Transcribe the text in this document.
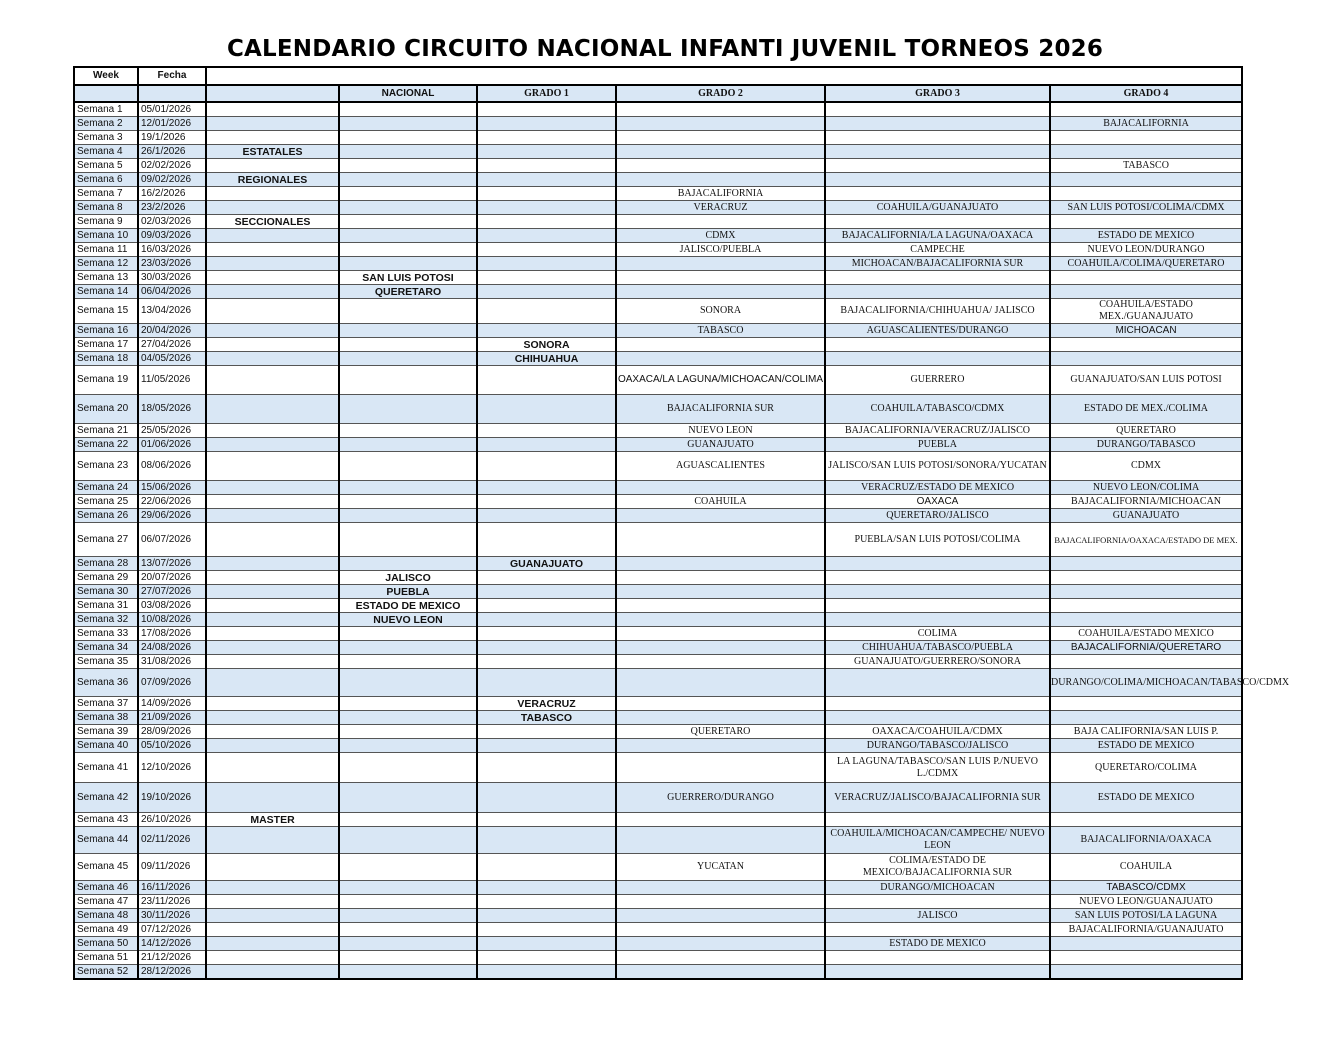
CALENDARIO CIRCUITO NACIONAL INFANTI JUVENIL TORNEOS 2026
Week	Fecha						
			NACIONAL	GRADO 1	GRADO 2	GRADO 3	GRADO 4
Semana 1	05/01/2026						
Semana 2	12/01/2026						BAJACALIFORNIA
Semana 3	19/1/2026						
Semana 4	26/1/2026	ESTATALES					
Semana 5	02/02/2026						TABASCO
Semana 6	09/02/2026	REGIONALES					
Semana 7	16/2/2026				BAJACALIFORNIA		
Semana 8	23/2/2026				VERACRUZ	COAHUILA/GUANAJUATO	SAN LUIS POTOSI/COLIMA/CDMX
Semana 9	02/03/2026	SECCIONALES					
Semana 10	09/03/2026				CDMX	BAJACALIFORNIA/LA LAGUNA/OAXACA	ESTADO DE MEXICO
Semana 11	16/03/2026				JALISCO/PUEBLA	CAMPECHE	NUEVO LEON/DURANGO
Semana 12	23/03/2026					MICHOACAN/BAJACALIFORNIA SUR	COAHUILA/COLIMA/QUERETARO
Semana 13	30/03/2026		SAN LUIS POTOSI				
Semana 14	06/04/2026		QUERETARO				
Semana 15	13/04/2026				SONORA	BAJACALIFORNIA/CHIHUAHUA/ JALISCO	COAHUILA/ESTADO MEX./GUANAJUATO
Semana 16	20/04/2026				TABASCO	AGUASCALIENTES/DURANGO	MICHOACAN
Semana 17	27/04/2026			SONORA			
Semana 18	04/05/2026			CHIHUAHUA			
Semana 19	11/05/2026				OAXACA/LA LAGUNA/MICHOACAN/COLIMA	GUERRERO	GUANAJUATO/SAN LUIS POTOSI
Semana 20	18/05/2026				BAJACALIFORNIA SUR	COAHUILA/TABASCO/CDMX	ESTADO DE MEX./COLIMA
Semana 21	25/05/2026				NUEVO LEON	BAJACALIFORNIA/VERACRUZ/JALISCO	QUERETARO
Semana 22	01/06/2026				GUANAJUATO	PUEBLA	DURANGO/TABASCO
Semana 23	08/06/2026				AGUASCALIENTES	JALISCO/SAN LUIS POTOSI/SONORA/YUCATAN	CDMX
Semana 24	15/06/2026					VERACRUZ/ESTADO DE MEXICO	NUEVO LEON/COLIMA
Semana 25	22/06/2026				COAHUILA	OAXACA	BAJACALIFORNIA/MICHOACAN
Semana 26	29/06/2026					QUERETARO/JALISCO	GUANAJUATO
Semana 27	06/07/2026					PUEBLA/SAN LUIS POTOSI/COLIMA	BAJACALIFORNIA/OAXACA/ESTADO DE MEX.
Semana 28	13/07/2026			GUANAJUATO			
Semana 29	20/07/2026		JALISCO				
Semana 30	27/07/2026		PUEBLA				
Semana 31	03/08/2026		ESTADO DE MEXICO				
Semana 32	10/08/2026		NUEVO LEON				
Semana 33	17/08/2026					COLIMA	COAHUILA/ESTADO MEXICO
Semana 34	24/08/2026					CHIHUAHUA/TABASCO/PUEBLA	BAJACALIFORNIA/QUERETARO
Semana 35	31/08/2026					GUANAJUATO/GUERRERO/SONORA	
Semana 36	07/09/2026						DURANGO/COLIMA/MICHOACAN/TABASCO/CDMX
Semana 37	14/09/2026			VERACRUZ			
Semana 38	21/09/2026			TABASCO			
Semana 39	28/09/2026				QUERETARO	OAXACA/COAHUILA/CDMX	BAJA CALIFORNIA/SAN LUIS P.
Semana 40	05/10/2026					DURANGO/TABASCO/JALISCO	ESTADO DE MEXICO
Semana 41	12/10/2026					LA LAGUNA/TABASCO/SAN LUIS P./NUEVO L./CDMX	QUERETARO/COLIMA
Semana 42	19/10/2026				GUERRERO/DURANGO	VERACRUZ/JALISCO/BAJACALIFORNIA SUR	ESTADO DE MEXICO
Semana 43	26/10/2026	MASTER					
Semana 44	02/11/2026					COAHUILA/MICHOACAN/CAMPECHE/ NUEVO LEON	BAJACALIFORNIA/OAXACA
Semana 45	09/11/2026				YUCATAN	COLIMA/ESTADO DE MEXICO/BAJACALIFORNIA SUR	COAHUILA
Semana 46	16/11/2026					DURANGO/MICHOACAN	TABASCO/CDMX
Semana 47	23/11/2026						NUEVO LEON/GUANAJUATO
Semana 48	30/11/2026					JALISCO	SAN LUIS POTOSI/LA LAGUNA
Semana 49	07/12/2026						BAJACALIFORNIA/GUANAJUATO
Semana 50	14/12/2026					ESTADO DE MEXICO	
Semana 51	21/12/2026						
Semana 52	28/12/2026						
